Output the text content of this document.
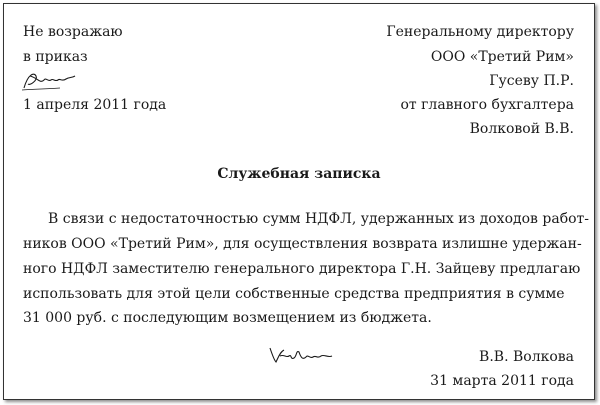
Не возражаю
в приказ
1 апреля 2011 года
Генеральному директору
ООО «Третий Рим»
Гусеву П.Р.
от главного бухгалтера
Волковой В.В.
Служебная записка
В связи с недостаточностью сумм НДФЛ, удержанных из доходов работ-
ников ООО «Третий Рим», для осуществления возврата излишне удержан-
ного НДФЛ заместителю генерального директора Г.Н. Зайцеву предлагаю
использовать для этой цели собственные средства предприятия в сумме
31 000 руб. с последующим возмещением из бюджета.
В.В. Волкова
31 марта 2011 года
